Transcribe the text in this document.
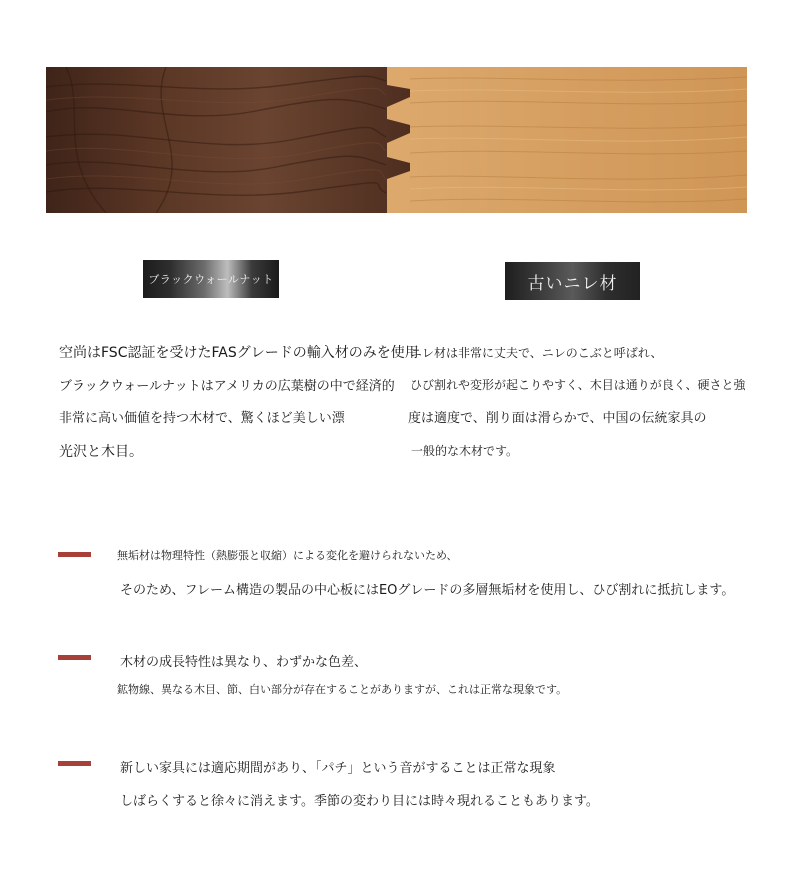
ブラックウォールナット	古いニレ材
ニレ材は非常に丈夫で、ニレのこぶと呼ばれ、
ひび割れや変形が起こりやすく、木目は通りが良く、硬さと強
度は適度で、削り面は滑らかで、中国の伝統家具の
一般的な木材です。
空尚はFSC認証を受けたFASグレードの輸入材のみを使用
ブラックウォールナットはアメリカの広葉樹の中で経済的
非常に高い価値を持つ木材で、驚くほど美しい漂
光沢と木目。
無垢材は物理特性（熱膨張と収縮）による変化を避けられないため、
そのため、フレーム構造の製品の中心板にはEOグレードの多層無垢材を使用し、ひび割れに抵抗します。
木材の成長特性は異なり、わずかな色差、
鉱物線、異なる木目、節、白い部分が存在することがありますが、これは正常な現象です。
新しい家具には適応期間があり、「パチ」という音がすることは正常な現象
しばらくすると徐々に消えます。季節の変わり目には時々現れることもあります。
